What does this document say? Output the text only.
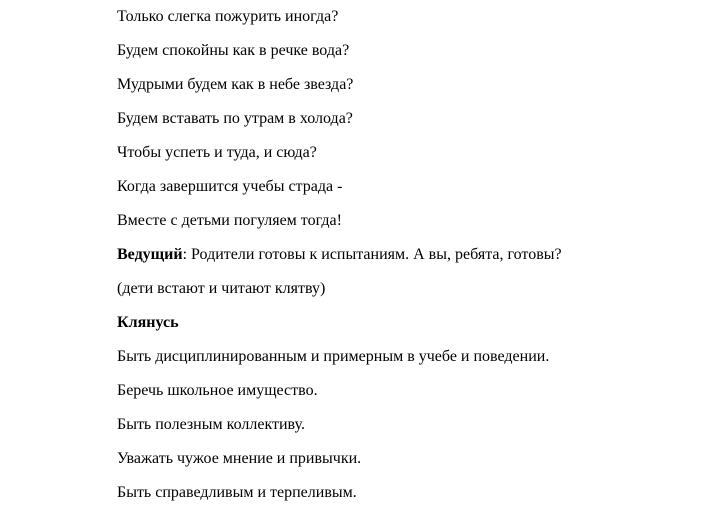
Только слегка пожурить иногда?
Будем спокойны как в речке вода?
Мудрыми будем как в небе звезда?
Будем вставать по утрам в холода?
Чтобы успеть и туда, и сюда?
Когда завершится учебы страда -
Вместе с детьми погуляем тогда!
Ведущий: Родители готовы к испытаниям. А вы, ребята, готовы?
(дети встают и читают клятву)
Клянусь
Быть дисциплинированным и примерным в учебе и поведении.
Беречь школьное имущество.
Быть полезным коллективу.
Уважать чужое мнение и привычки.
Быть справедливым и терпеливым.
